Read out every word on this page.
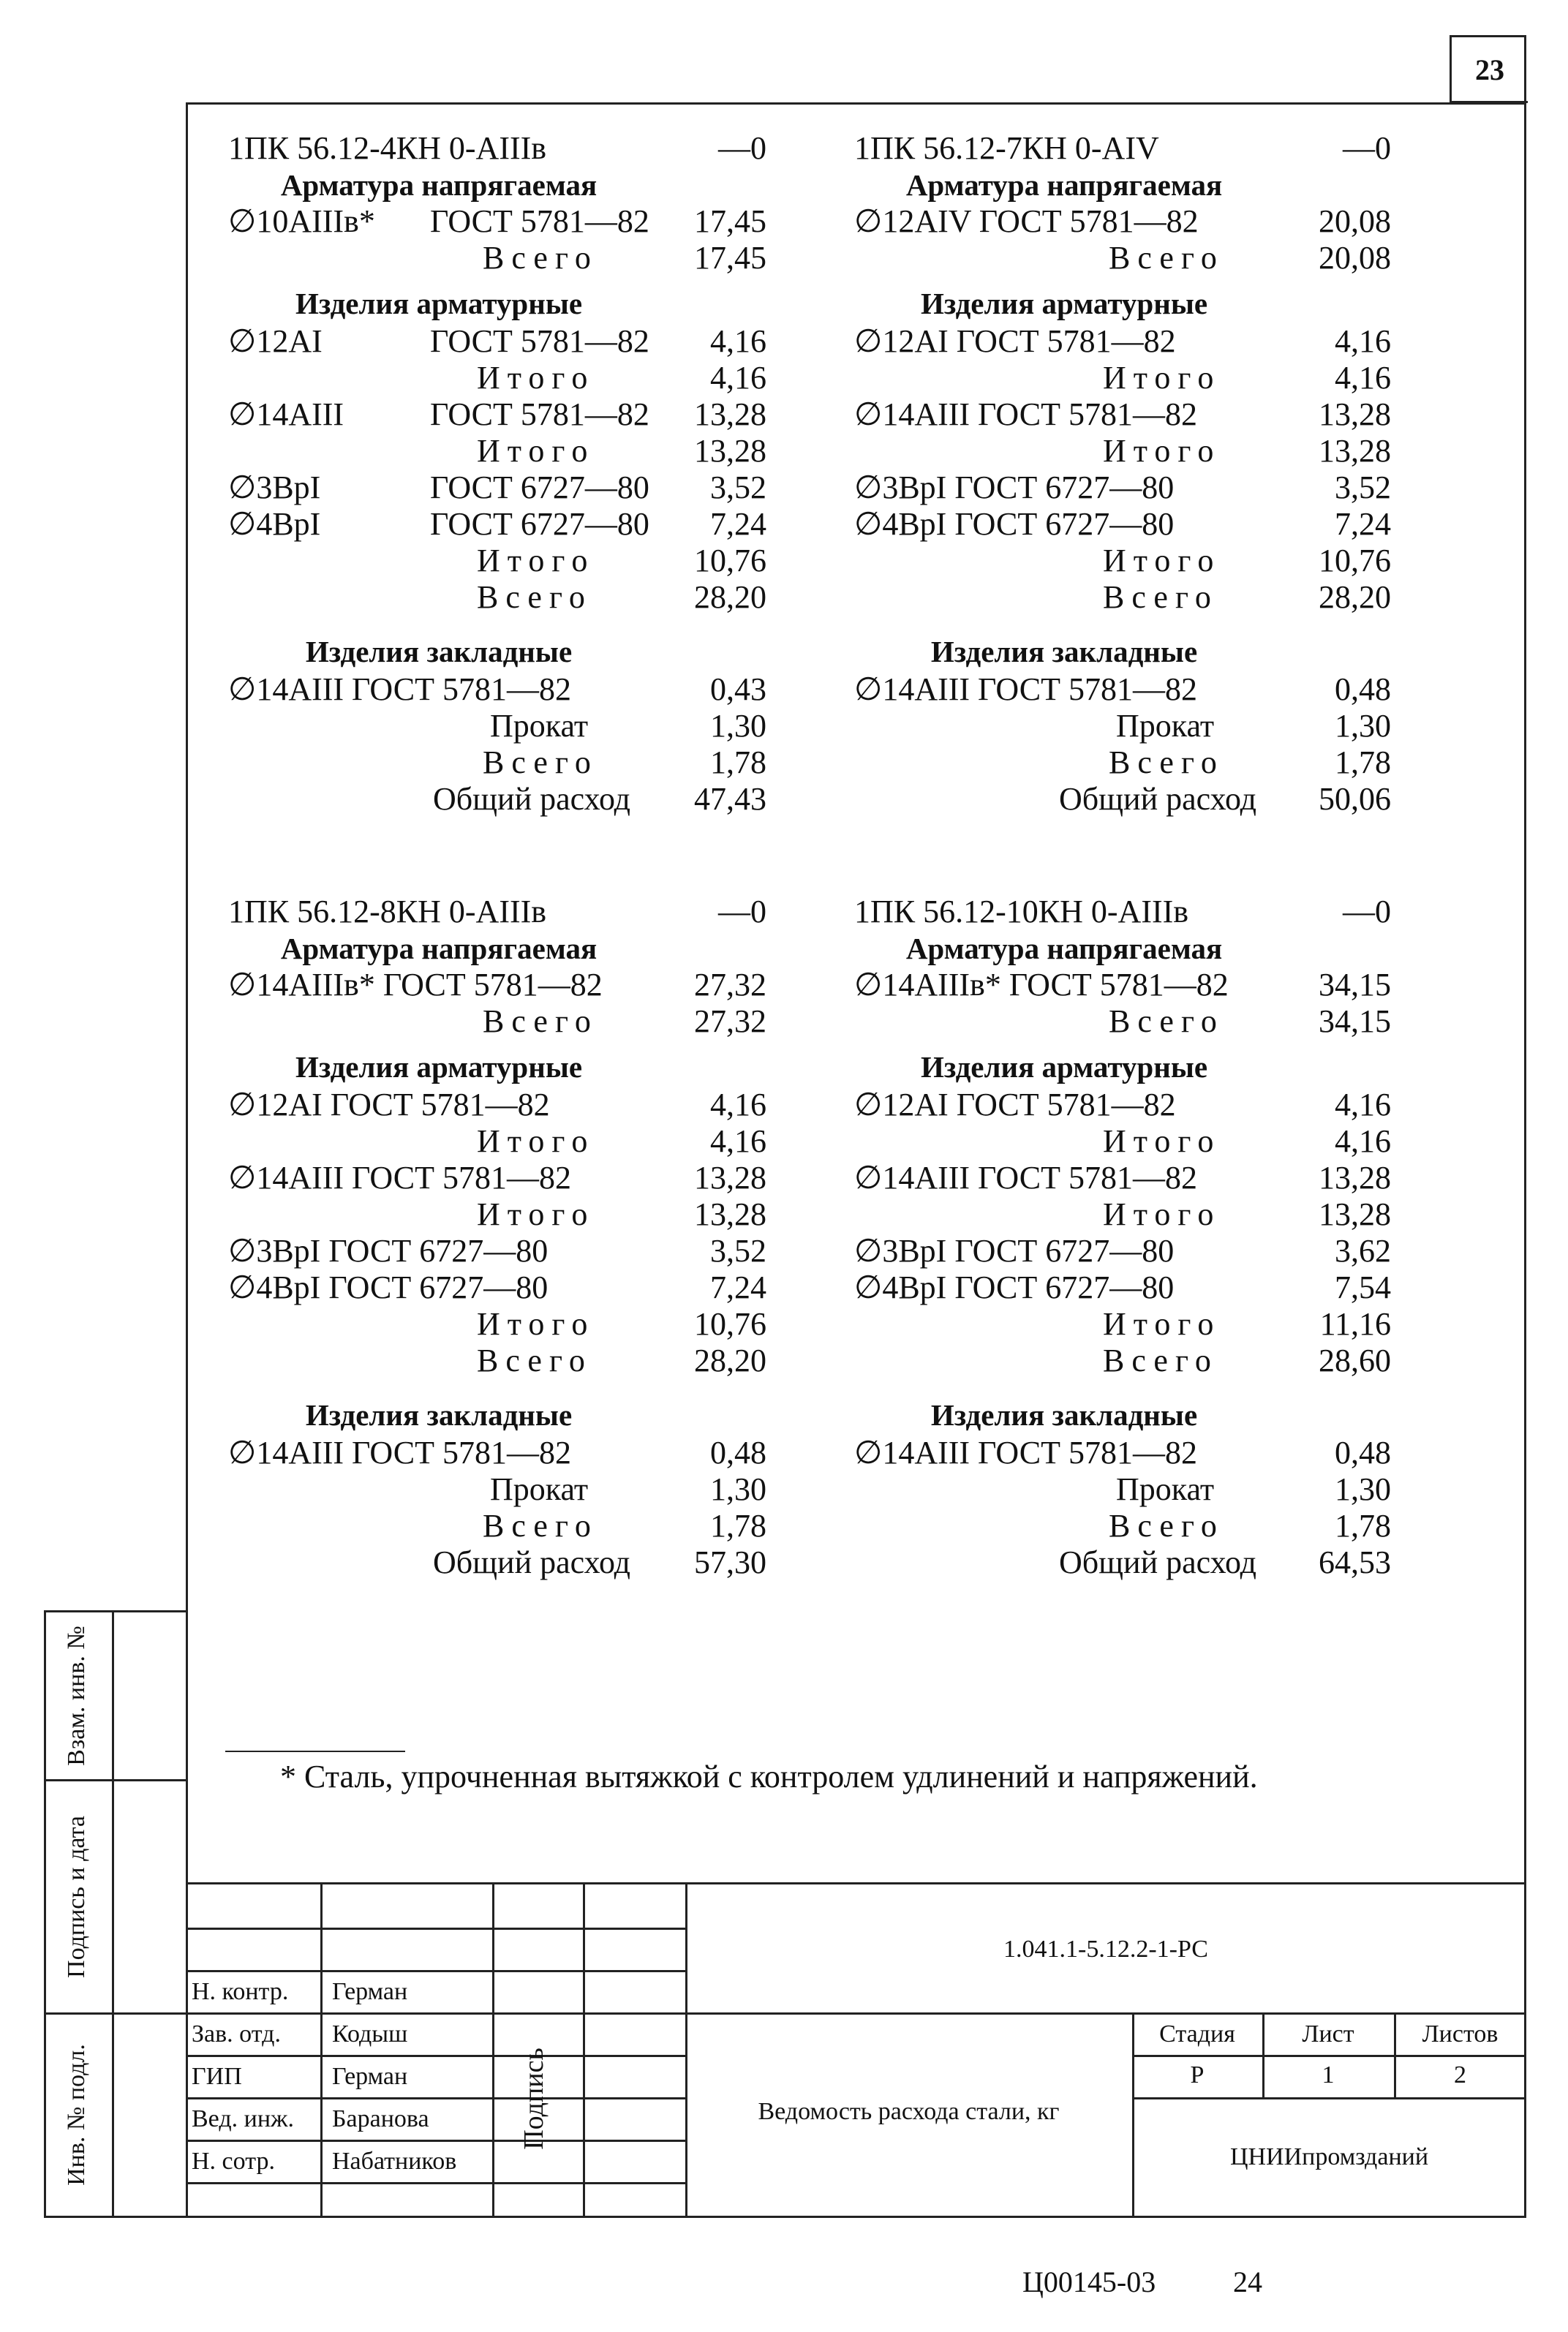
23
1ПК 56.12-4КН 0-АIIIв	—0
Арматура напрягаемая
∅10АIIIв* ГОСТ 5781—82	17,45
Всего	17,45
Изделия арматурные
∅12АI	ГОСТ 5781—82	4,16
Итого	4,16
∅14АIII	ГОСТ 5781—82	13,28
Итого	13,28
∅3ВрI	ГОСТ 6727—80	3,52
∅4ВрI	ГОСТ 6727—80	7,24
Итого	10,76
Всего	28,20
Изделия закладные
∅14АIII ГОСТ 5781—82	0,43
Прокат	1,30
Всего	1,78
Общий расход	47,43
1ПК 56.12-7КН 0-АIV	—0
Арматура напрягаемая
∅12АIV ГОСТ 5781—82	20,08
Всего	20,08
Изделия арматурные
∅12АI ГОСТ 5781—82	4,16
Итого	4,16
∅14АIII ГОСТ 5781—82	13,28
Итого	13,28
∅3ВрI ГОСТ 6727—80	3,52
∅4ВрI ГОСТ 6727—80	7,24
Итого	10,76
Всего	28,20
Изделия закладные
∅14АIII ГОСТ 5781—82	0,48
Прокат	1,30
Всего	1,78
Общий расход	50,06
1ПК 56.12-8КН 0-АIIIв	—0
Арматура напрягаемая
∅14АIIIв* ГОСТ 5781—82	27,32
Всего	27,32
Изделия арматурные
∅12АI ГОСТ 5781—82	4,16
Итого	4,16
∅14АIII ГОСТ 5781—82	13,28
Итого	13,28
∅3ВрI ГОСТ 6727—80	3,52
∅4ВрI ГОСТ 6727—80	7,24
Итого	10,76
Всего	28,20
Изделия закладные
∅14АIII ГОСТ 5781—82	0,48
Прокат	1,30
Всего	1,78
Общий расход	57,30
1ПК 56.12-10КН 0-АIIIв	—0
Арматура напрягаемая
∅14АIIIв* ГОСТ 5781—82	34,15
Всего	34,15
Изделия арматурные
∅12АI ГОСТ 5781—82	4,16
Итого	4,16
∅14АIII ГОСТ 5781—82	13,28
Итого	13,28
∅3ВрI ГОСТ 6727—80	3,62
∅4ВрI ГОСТ 6727—80	7,54
Итого	11,16
Всего	28,60
Изделия закладные
∅14АIII ГОСТ 5781—82	0,48
Прокат	1,30
Всего	1,78
Общий расход	64,53
* Сталь, упрочненная вытяжкой с контролем удлинений и напряжений.
Взам. инв. №
Подпись и дата
Инв. № подл.
1.041.1-5.12.2-1-РС
Н. контр. Герман
Зав. отд. Кодыш
ГИП	Герман
Вед. инж. Баранова
Н. сотр. Набатников
Подпись	Ведомость расхода стали, кг
Стадия	Лист	Листов
Р	1	2
ЦНИИпромзданий
Ц00145-03	24
